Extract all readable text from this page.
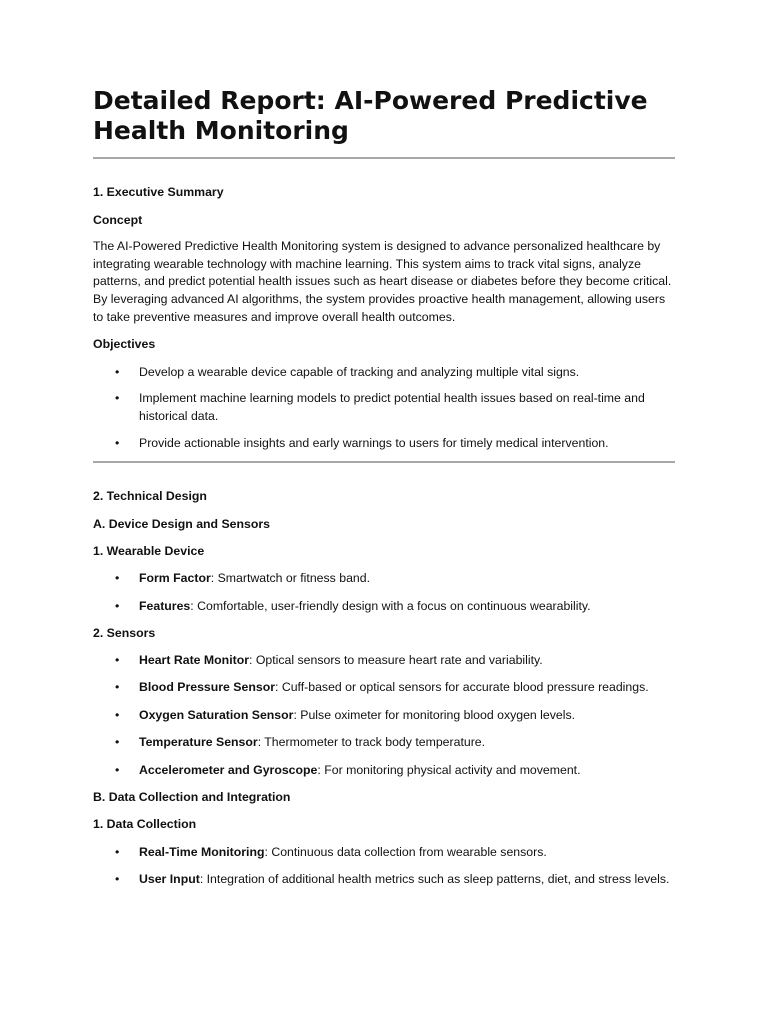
Detailed Report: AI-Powered Predictive Health Monitoring

1. Executive Summary

Concept

The AI-Powered Predictive Health Monitoring system is designed to advance personalized healthcare by integrating wearable technology with machine learning. This system aims to track vital signs, analyze patterns, and predict potential health issues such as heart disease or diabetes before they become critical. By leveraging advanced AI algorithms, the system provides proactive health management, allowing users to take preventive measures and improve overall health outcomes.

Objectives

• Develop a wearable device capable of tracking and analyzing multiple vital signs.
• Implement machine learning models to predict potential health issues based on real-time and historical data.
• Provide actionable insights and early warnings to users for timely medical intervention.

2. Technical Design

A. Device Design and Sensors

1. Wearable Device

• Form Factor: Smartwatch or fitness band.
• Features: Comfortable, user-friendly design with a focus on continuous wearability.

2. Sensors

• Heart Rate Monitor: Optical sensors to measure heart rate and variability.
• Blood Pressure Sensor: Cuff-based or optical sensors for accurate blood pressure readings.
• Oxygen Saturation Sensor: Pulse oximeter for monitoring blood oxygen levels.
• Temperature Sensor: Thermometer to track body temperature.
• Accelerometer and Gyroscope: For monitoring physical activity and movement.

B. Data Collection and Integration

1. Data Collection

• Real-Time Monitoring: Continuous data collection from wearable sensors.
• User Input: Integration of additional health metrics such as sleep patterns, diet, and stress levels.
